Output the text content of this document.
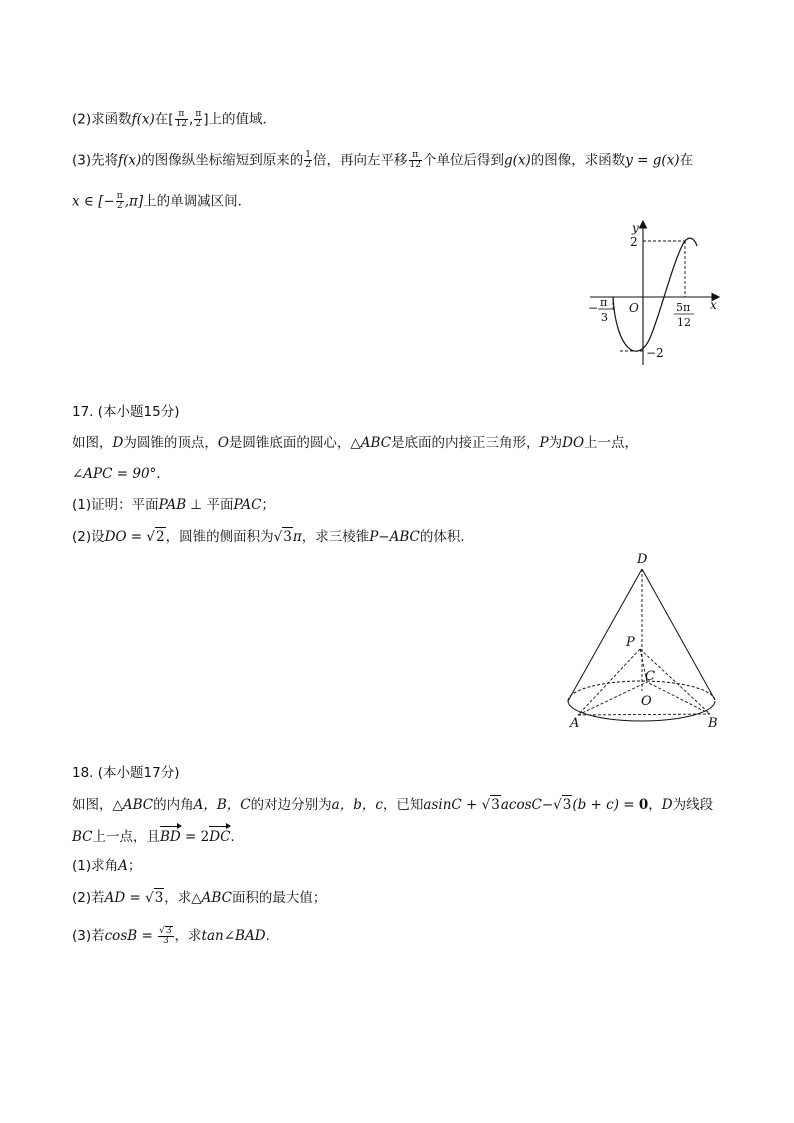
(2)求函数f(x)在[ $\frac{\pi}{12}$ , $\frac{\pi}{2}$ ]上的值域．
(3)先将f(x)的图像纵坐标缩短到原来的 $\frac{1}{2}$ 倍，再向左平移 $\frac{\pi}{12}$ 个单位后得到g(x)的图像，求函数y = g(x)在
x ∈ [− $\frac{\pi}{2} ,\pi$]上的单调减区间．
y
x
O
2
−2
− π
3
5π
12
17. (本小题15分)
如图，D为圆锥的顶点，O是圆锥底面的圆心，△ABC是底面的内接正三角形，P为DO上一点，
∠APC = 90°.
(1)证明：平面PAB ⊥ 平面PAC；
(2)设DO = √2，圆锥的侧面积为√3π，求三棱锥P−ABC的体积．
D
P
C
O
A	B
18. (本小题17分)
如图，△ABC的内角A，B，C的对边分别为a，b，c，已知asinC + √3acosC−√3(b + c) = 0，D为线段
BC上一点，且BD = 2DC.
(1)求角A；
(2)若AD = √3，求△ABC面积的最大值；
(3)若$\cos B = \frac{√3}{3}$ ，求tan∠BAD.
